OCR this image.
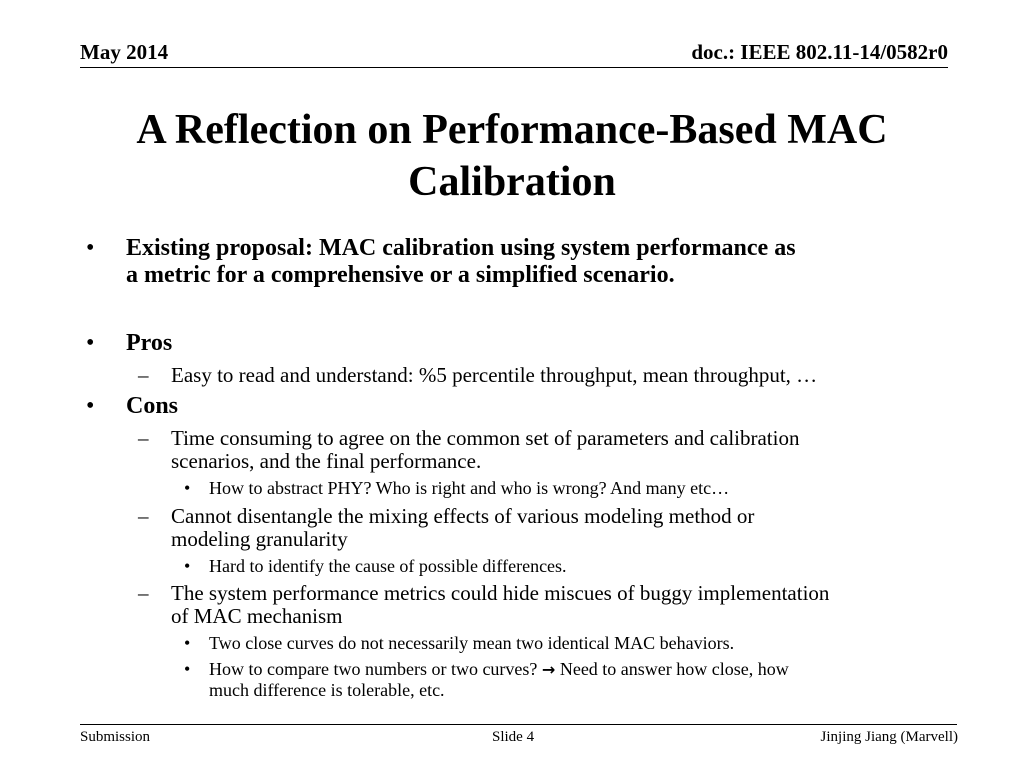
May 2014	doc.: IEEE 802.11-14/0582r0
A Reflection on Performance-Based MAC
Calibration
• Existing proposal: MAC calibration using system performance as
a metric for a comprehensive or a simplified scenario.
• Pros
– Easy to read and understand: %5 percentile throughput, mean throughput, …
• Cons
– Time consuming to agree on the common set of parameters and calibration
scenarios, and the final performance.
• How to abstract PHY? Who is right and who is wrong? And many etc…
– Cannot disentangle the mixing effects of various modeling method or
modeling granularity
• Hard to identify the cause of possible differences.
– The system performance metrics could hide miscues of buggy implementation
of MAC mechanism
• Two close curves do not necessarily mean two identical MAC behaviors.
• How to compare two numbers or two curves? → Need to answer how close, how
much difference is tolerable, etc.
Submission	Slide 4	Jinjing Jiang (Marvell)
